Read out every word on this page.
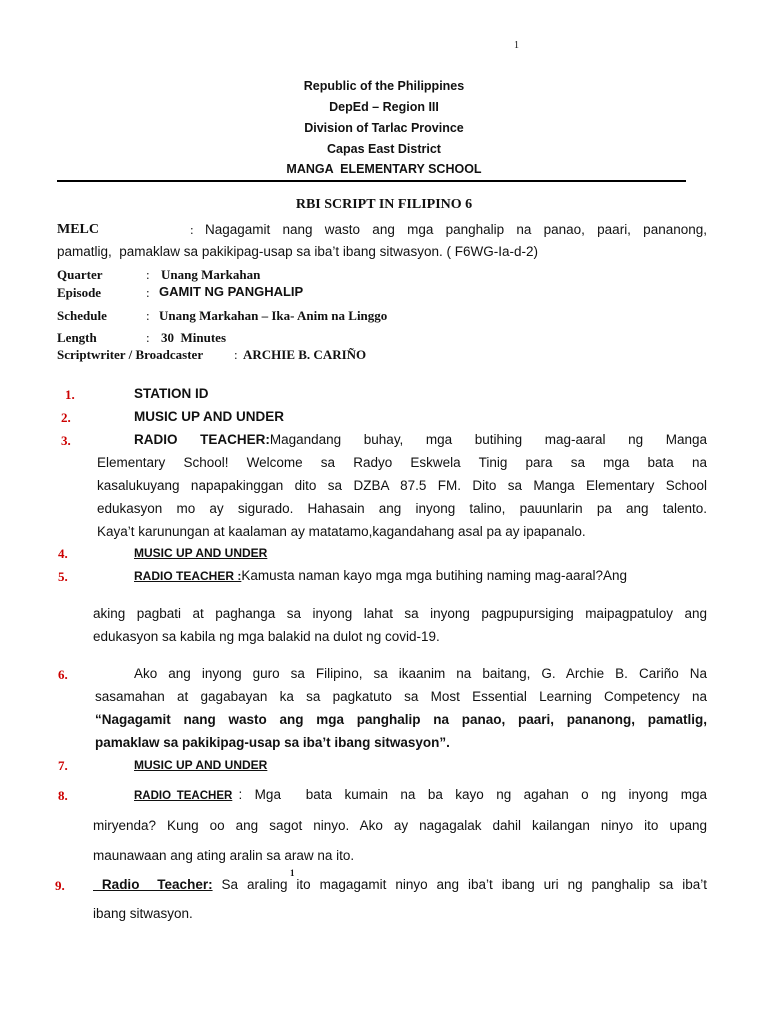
1
Republic of the Philippines
DepEd – Region III
Division of Tarlac Province
Capas East District
MANGA  ELEMENTARY SCHOOL
RBI SCRIPT IN FILIPINO 6
MELC	: Nagagamit nang wasto ang mga panghalip na panao, paari, pananong,
pamatlig,  pamaklaw sa pakikipag-usap sa iba’t ibang sitwasyon. ( F6WG-Ia-d-2)
Quarter	: Unang Markahan
Episode	: GAMIT NG PANGHALIP
Schedule	: Unang Markahan – Ika- Anim na Linggo
Length	: 30  Minutes
Scriptwriter / Broadcaster : ARCHIE B. CARIÑO
1.	STATION ID
2.	MUSIC UP AND UNDER
3.	RADIO  TEACHER:Magandang  buhay,  mga  butihing  mag-aaral  ng  Manga
Elementary  School!  Welcome  sa  Radyo  Eskwela  Tinig  para  sa  mga  bata  na
kasalukuyang napapakinggan dito sa DZBA 87.5 FM. Dito sa Manga Elementary School
edukasyon  mo  ay  sigurado.  Hahasain  ang  inyong  talino,  pauunlarin  pa  ang  talento.
Kaya’t karunungan at kaalaman ay matatamo,kagandahang asal pa ay ipapanalo.
4.	MUSIC UP AND UNDER
5.	RADIO TEACHER :Kamusta naman kayo mga mga butihing naming mag-aaral?Ang
aking pagbati at paghanga sa inyong lahat sa inyong pagpupursiging maipagpatuloy ang
edukasyon sa kabila ng mga balakid na dulot ng covid-19.
6.	Ako ang inyong guro sa Filipino, sa ikaanim na baitang, G. Archie B. Cariño Na
sasamahan at gagabayan ka sa pagkatuto sa Most Essential Learning Competency na
“Nagagamit nang wasto ang mga panghalip na panao, paari, pananong, pamatlig,
pamaklaw sa pakikipag-usap sa iba’t ibang sitwasyon”.
7.	MUSIC UP AND UNDER
8.	RADIO TEACHER :  Mga    bata  kumain  na  ba  kayo  ng  agahan  o  ng  inyong  mga
miryenda?  Kung  oo  ang  sagot  ninyo.  Ako  ay  nagagalak  dahil  kailangan  ninyo  ito  upang
maunawaan ang ating aralin sa araw na ito.
1
9. Radio  Teacher: Sa araling ito magagamit ninyo ang iba’t ibang uri ng panghalip sa iba’t
ibang sitwasyon.
